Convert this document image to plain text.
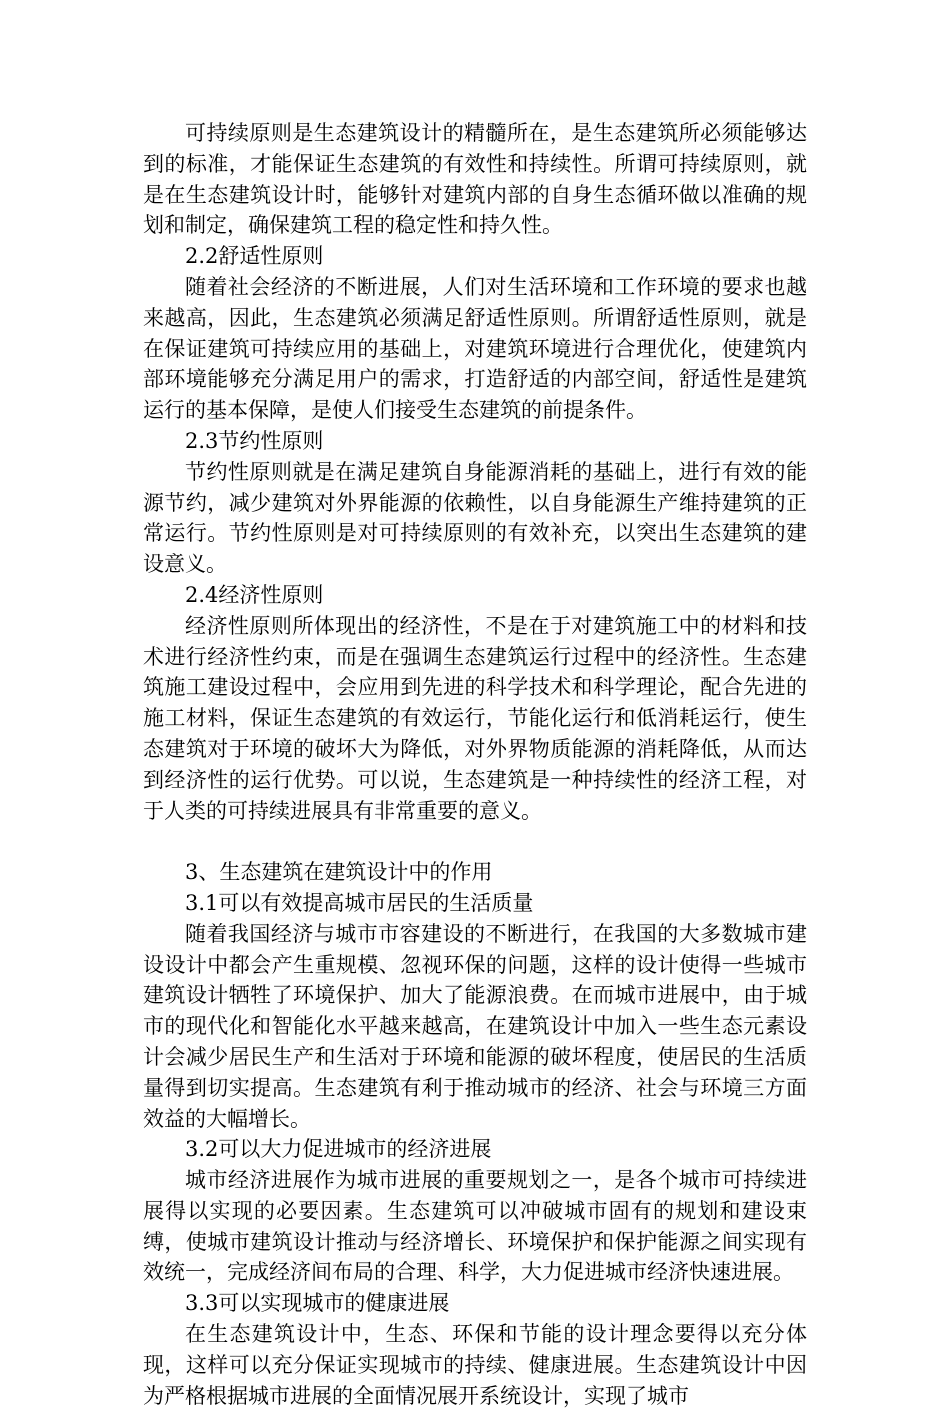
可持续原则是生态建筑设计的精髓所在，是生态建筑所必须能够达到的标准，才能保证生态建筑的有效性和持续性。所谓可持续原则，就是在生态建筑设计时，能够针对建筑内部的自身生态循环做以准确的规划和制定，确保建筑工程的稳定性和持久性。

2.2舒适性原则

随着社会经济的不断进展，人们对生活环境和工作环境的要求也越来越高，因此，生态建筑必须满足舒适性原则。所谓舒适性原则，就是在保证建筑可持续应用的基础上，对建筑环境进行合理优化，使建筑内部环境能够充分满足用户的需求，打造舒适的内部空间，舒适性是建筑运行的基本保障，是使人们接受生态建筑的前提条件。

2.3节约性原则

节约性原则就是在满足建筑自身能源消耗的基础上，进行有效的能源节约，减少建筑对外界能源的依赖性，以自身能源生产维持建筑的正常运行。节约性原则是对可持续原则的有效补充，以突出生态建筑的建设意义。

2.4经济性原则

经济性原则所体现出的经济性，不是在于对建筑施工中的材料和技术进行经济性约束，而是在强调生态建筑运行过程中的经济性。生态建筑施工建设过程中，会应用到先进的科学技术和科学理论，配合先进的施工材料，保证生态建筑的有效运行，节能化运行和低消耗运行，使生态建筑对于环境的破坏大为降低，对外界物质能源的消耗降低，从而达到经济性的运行优势。可以说，生态建筑是一种持续性的经济工程，对于人类的可持续进展具有非常重要的意义。

3、生态建筑在建筑设计中的作用

3.1可以有效提高城市居民的生活质量

随着我国经济与城市市容建设的不断进行，在我国的大多数城市建设设计中都会产生重规模、忽视环保的问题，这样的设计使得一些城市建筑设计牺牲了环境保护、加大了能源浪费。在而城市进展中，由于城市的现代化和智能化水平越来越高，在建筑设计中加入一些生态元素设计会减少居民生产和生活对于环境和能源的破坏程度，使居民的生活质量得到切实提高。生态建筑有利于推动城市的经济、社会与环境三方面效益的大幅增长。

3.2可以大力促进城市的经济进展

城市经济进展作为城市进展的重要规划之一，是各个城市可持续进展得以实现的必要因素。生态建筑可以冲破城市固有的规划和建设束缚，使城市建筑设计推动与经济增长、环境保护和保护能源之间实现有效统一，完成经济间布局的合理、科学，大力促进城市经济快速进展。

3.3可以实现城市的健康进展

在生态建筑设计中，生态、环保和节能的设计理念要得以充分体现，这样可以充分保证实现城市的持续、健康进展。生态建筑设计中因为严格根据城市进展的全面情况展开系统设计，实现了城市
